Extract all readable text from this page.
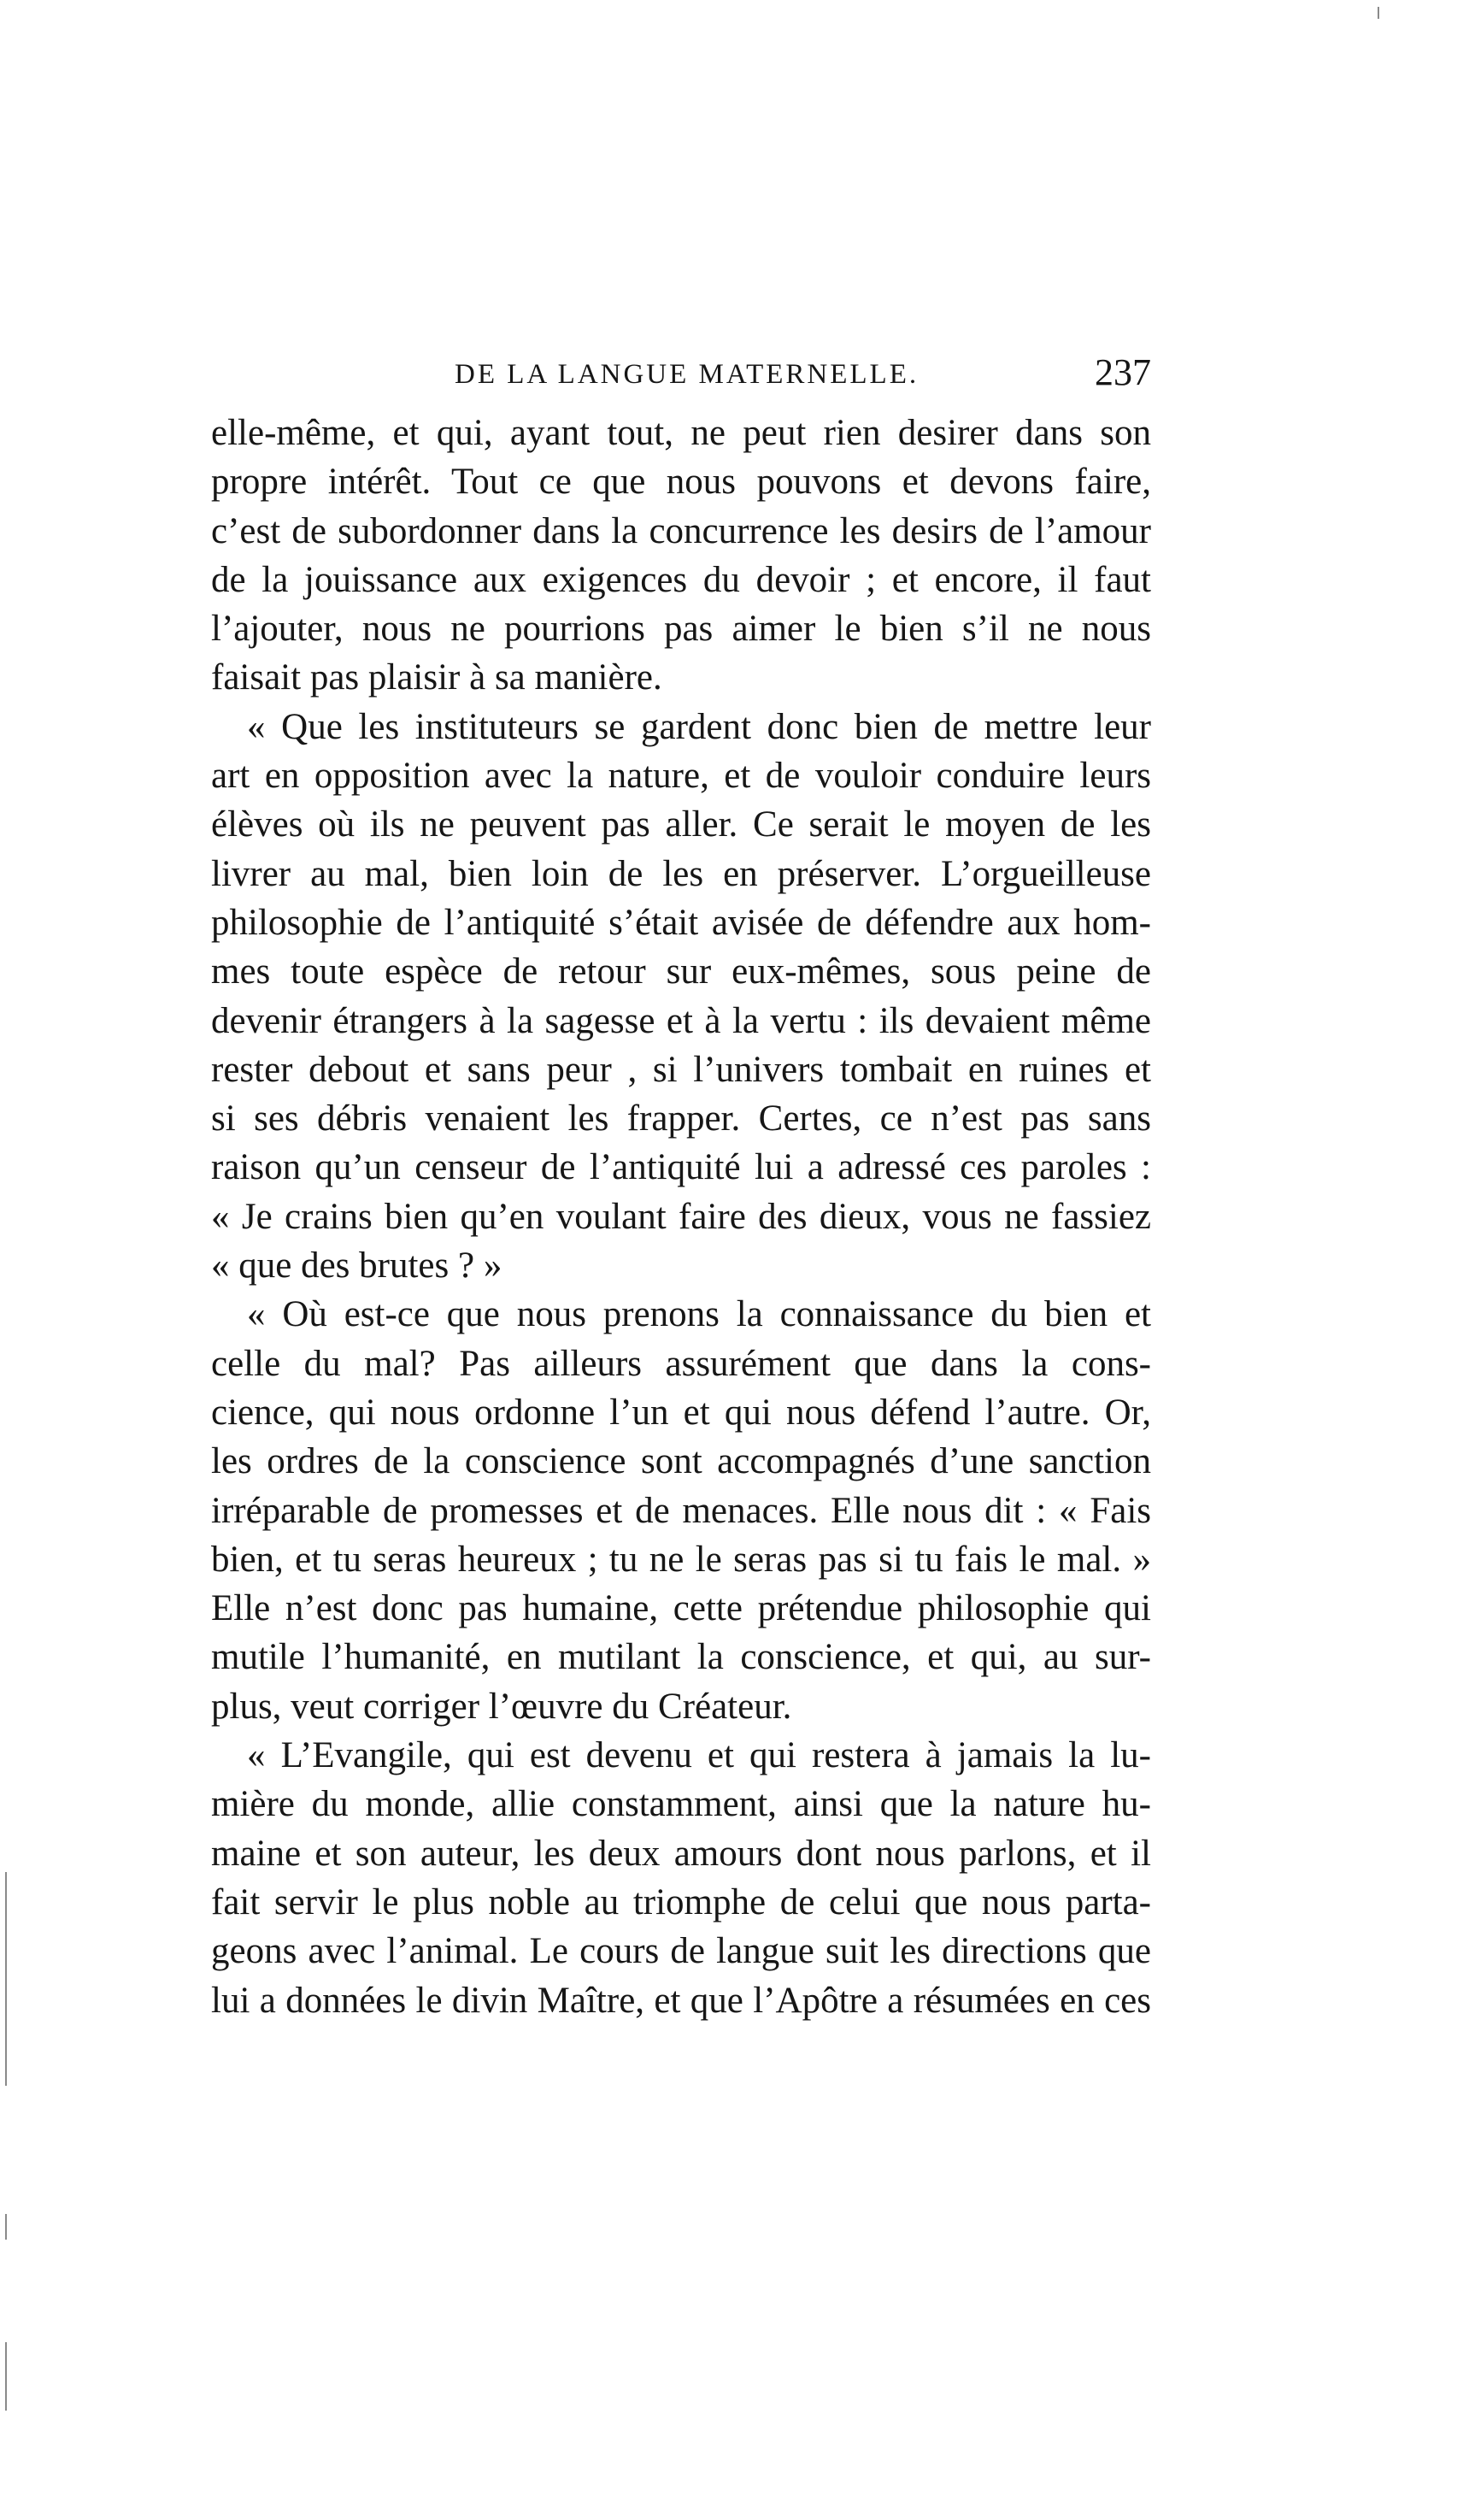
DE LA LANGUE MATERNELLE.	237
elle-même, et qui, ayant tout, ne peut rien desirer dans son
propre intérêt. Tout ce que nous pouvons et devons faire,
c’est de subordonner dans la concurrence les desirs de l’amour
de la jouissance aux exigences du devoir ; et encore, il faut
l’ajouter, nous ne pourrions pas aimer le bien s’il ne nous
faisait pas plaisir à sa manière.
« Que les instituteurs se gardent donc bien de mettre leur
art en opposition avec la nature, et de vouloir conduire leurs
élèves où ils ne peuvent pas aller. Ce serait le moyen de les
livrer au mal, bien loin de les en préserver. L’orgueilleuse
philosophie de l’antiquité s’était avisée de défendre aux hom-
mes toute espèce de retour sur eux-mêmes, sous peine de
devenir étrangers à la sagesse et à la vertu : ils devaient même
rester debout et sans peur , si l’univers tombait en ruines et
si ses débris venaient les frapper. Certes, ce n’est pas sans
raison qu’un censeur de l’antiquité lui a adressé ces paroles :
« Je crains bien qu’en voulant faire des dieux, vous ne fassiez
« que des brutes ? »
« Où est-ce que nous prenons la connaissance du bien et
celle du mal? Pas ailleurs assurément que dans la cons-
cience, qui nous ordonne l’un et qui nous défend l’autre. Or,
les ordres de la conscience sont accompagnés d’une sanction
irréparable de promesses et de menaces. Elle nous dit : « Fais
bien, et tu seras heureux ; tu ne le seras pas si tu fais le mal. »
Elle n’est donc pas humaine, cette prétendue philosophie qui
mutile l’humanité, en mutilant la conscience, et qui, au sur-
plus, veut corriger l’œuvre du Créateur.
« L’Evangile, qui est devenu et qui restera à jamais la lu-
mière du monde, allie constamment, ainsi que la nature hu-
maine et son auteur, les deux amours dont nous parlons, et il
fait servir le plus noble au triomphe de celui que nous parta-
geons avec l’animal. Le cours de langue suit les directions que
lui a données le divin Maître, et que l’Apôtre a résumées en ces
